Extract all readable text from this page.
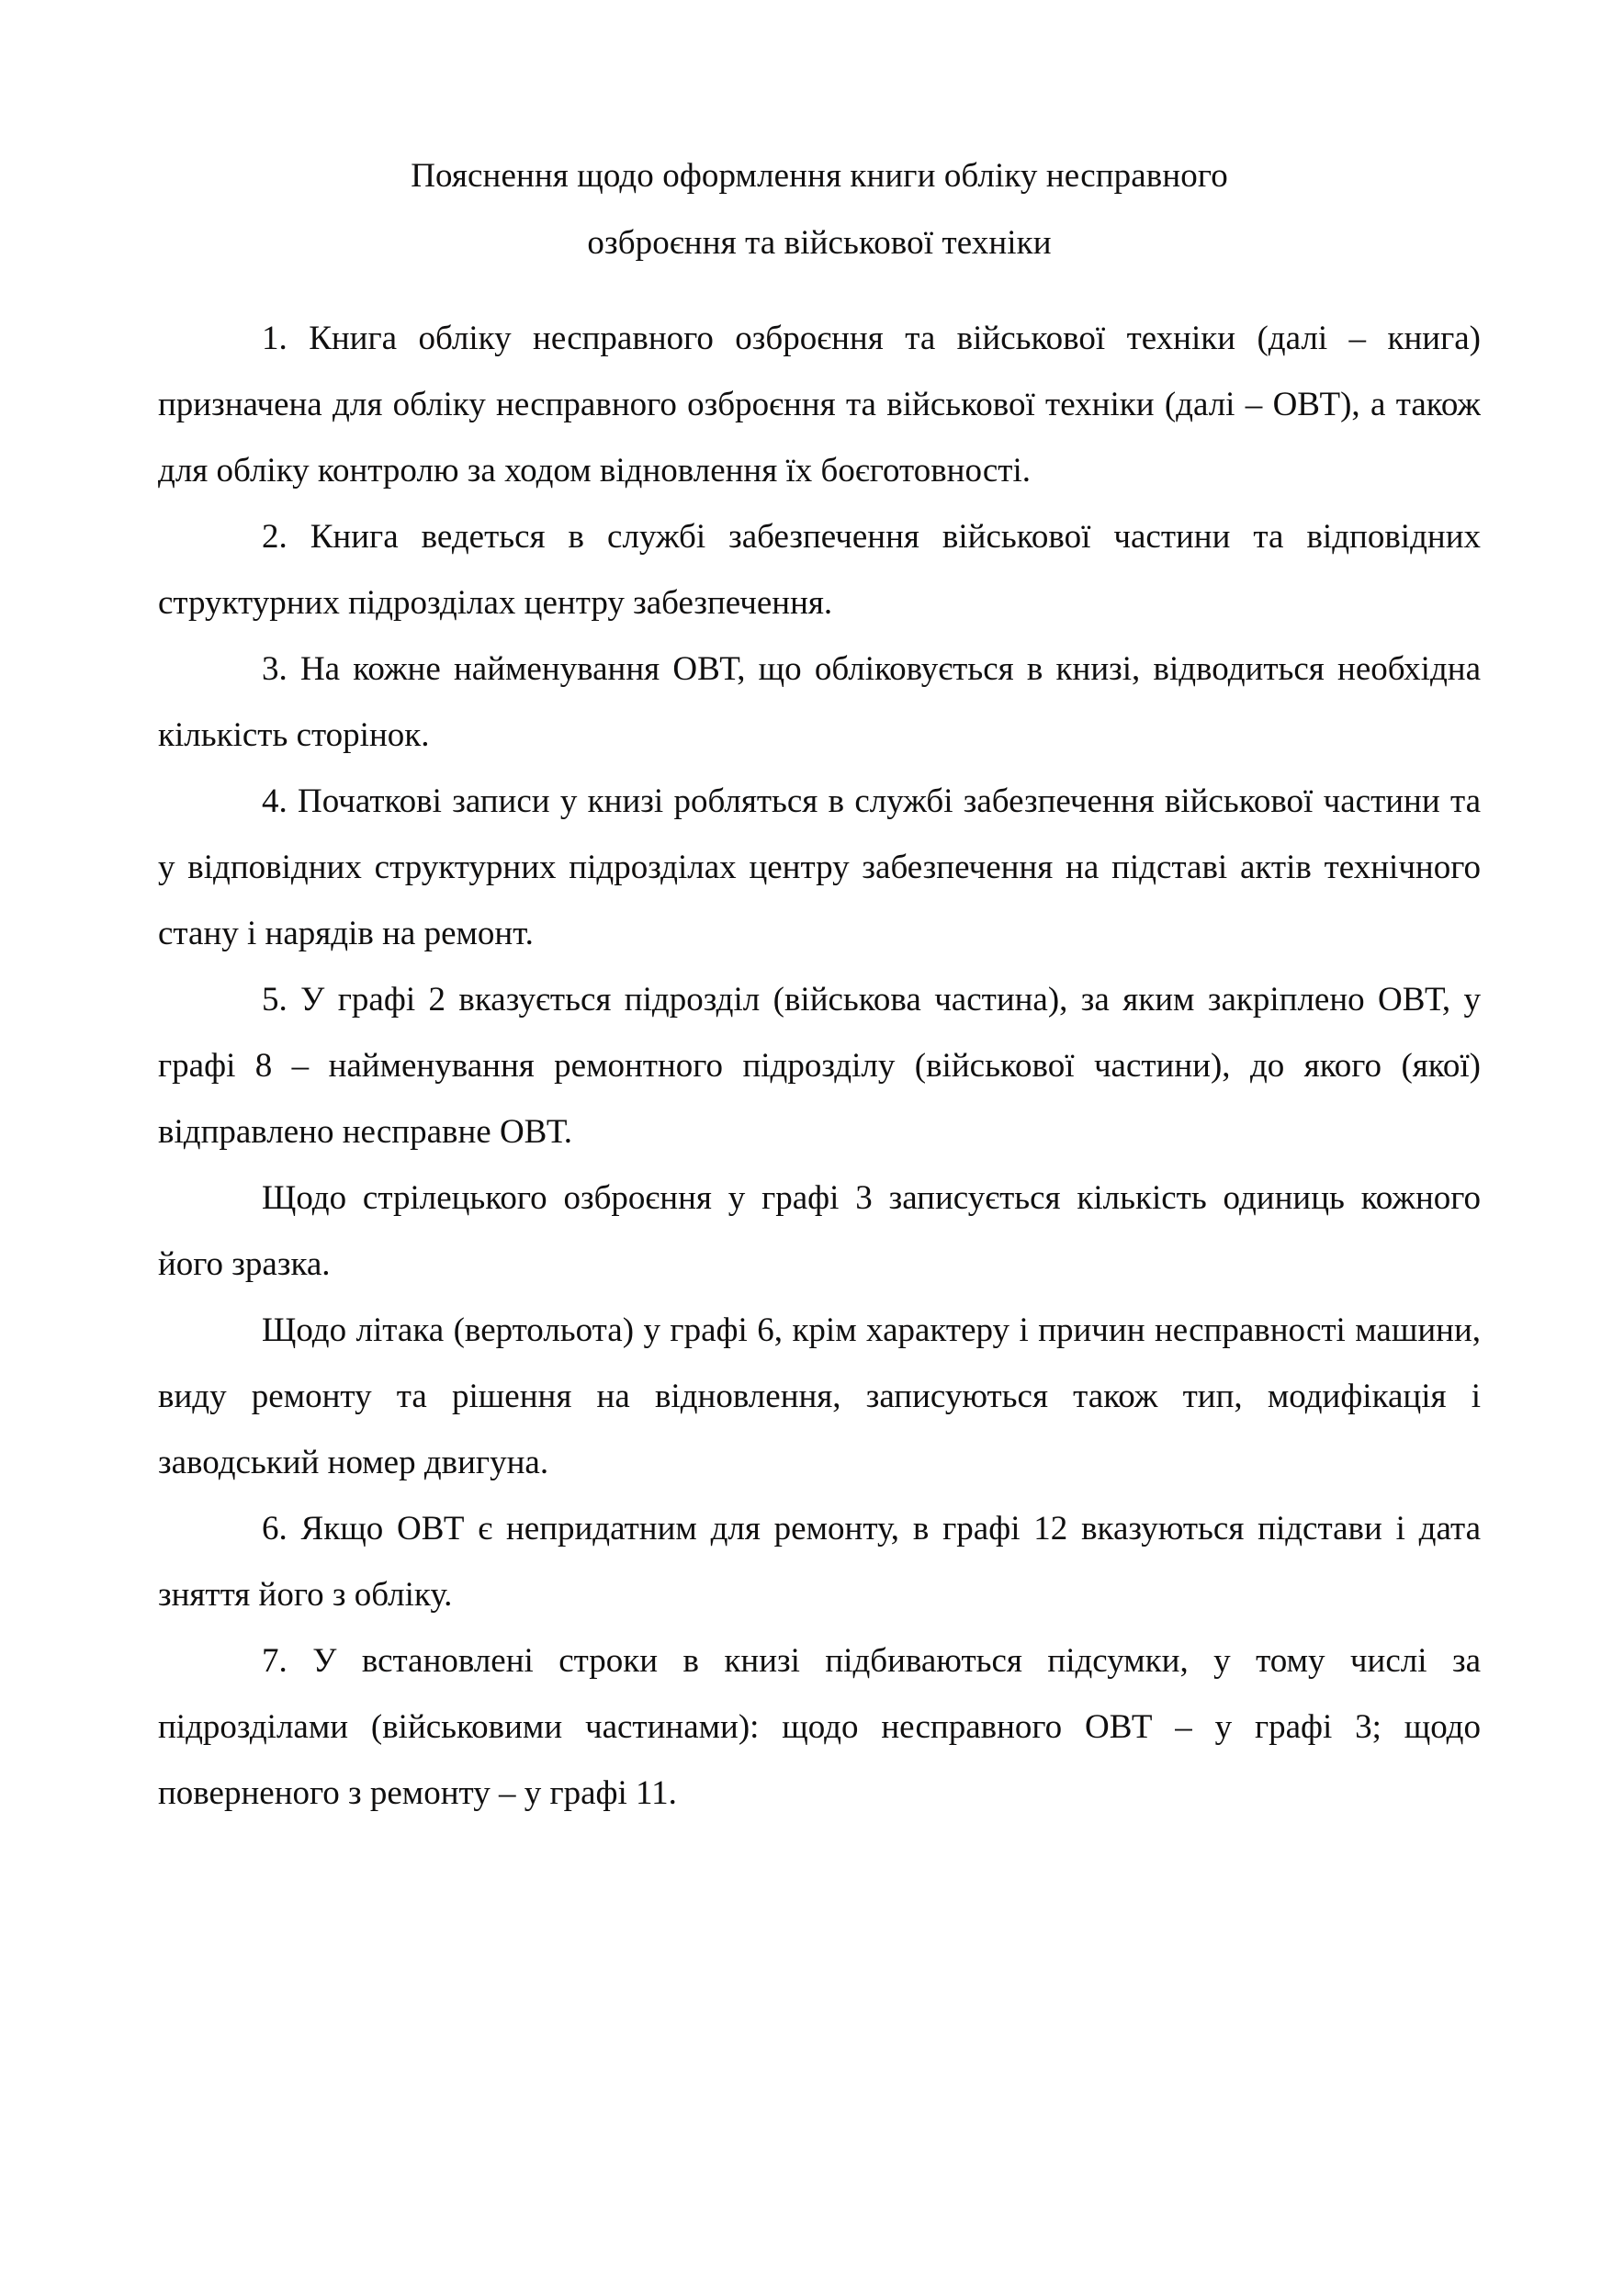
Пояснення щодо оформлення книги обліку несправного
озброєння та військової техніки

1. Книга обліку несправного озброєння та військової техніки (далі – книга) призначена для обліку несправного озброєння та військової техніки (далі – ОВТ), а також для обліку контролю за ходом відновлення їх боєготовності.

2. Книга ведеться в службі забезпечення військової частини та відповідних структурних підрозділах центру забезпечення.

3. На кожне найменування ОВТ, що обліковується в книзі, відводиться необхідна кількість сторінок.

4. Початкові записи у книзі робляться в службі забезпечення військової частини та у відповідних структурних підрозділах центру забезпечення на підставі актів технічного стану і нарядів на ремонт.

5. У графі 2 вказується підрозділ (військова частина), за яким закріплено ОВТ, у графі 8 – найменування ремонтного підрозділу (військової частини), до якого (якої) відправлено несправне ОВТ.

Щодо стрілецького озброєння у графі 3 записується кількість одиниць кожного його зразка.

Щодо літака (вертольота) у графі 6, крім характеру і причин несправності машини, виду ремонту та рішення на відновлення, записуються також тип, модифікація і заводський номер двигуна.

6. Якщо ОВТ є непридатним для ремонту, в графі 12 вказуються підстави і дата зняття його з обліку.

7. У встановлені строки в книзі підбиваються підсумки, у тому числі за підрозділами (військовими частинами): щодо несправного ОВТ – у графі 3; щодо поверненого з ремонту – у графі 11.
